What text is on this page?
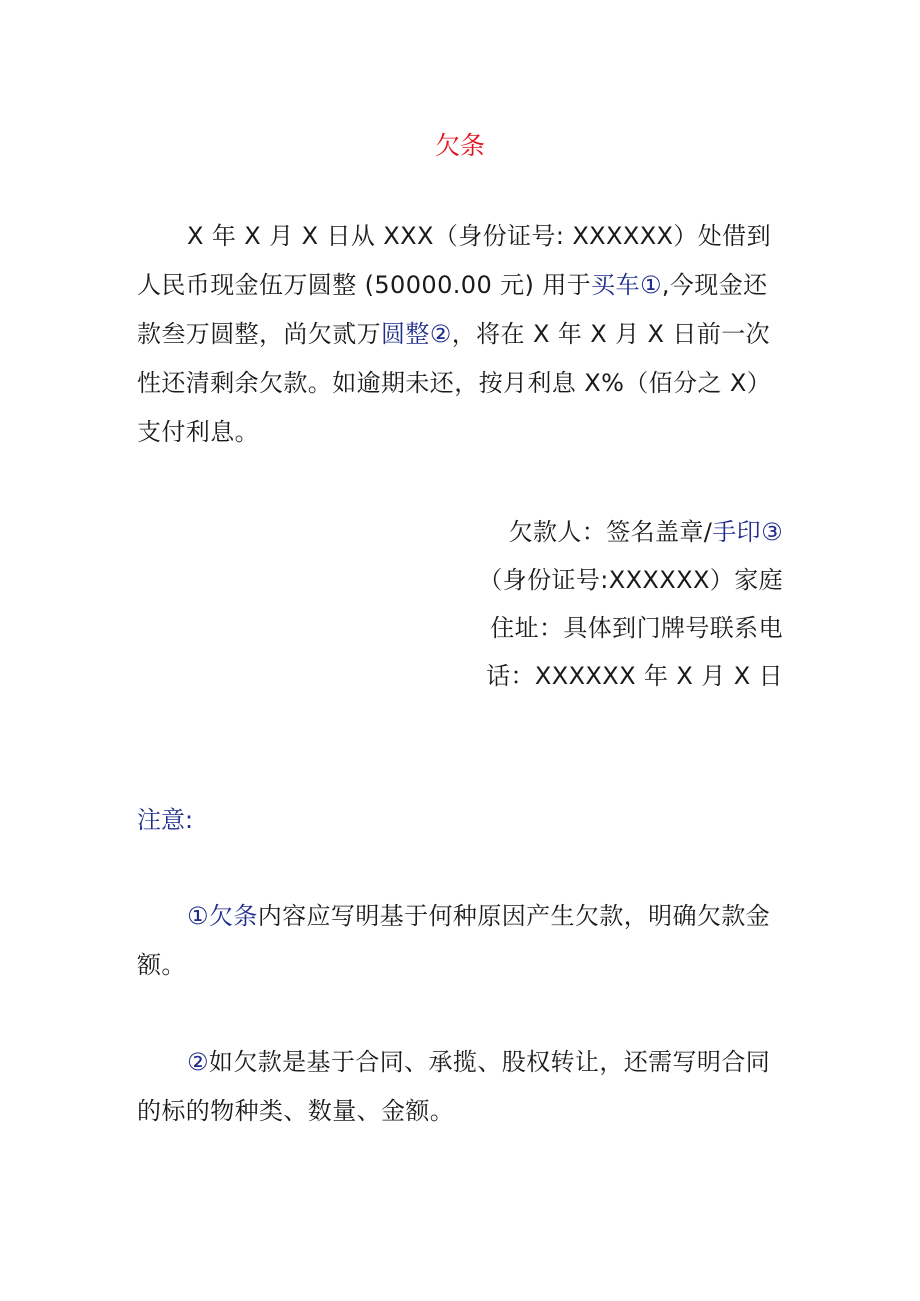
欠条

X 年 X 月 X 日从 XXX（身份证号: XXXXXX）处借到人民币现金伍万圆整 (50000.00 元) 用于买车①,今现金还款叁万圆整，尚欠贰万圆整②，将在 X 年 X 月 X 日前一次性还清剩余欠款。如逾期未还，按月利息 X%（佰分之 X）支付利息。

欠款人：签名盖章/手印③
（身份证号:XXXXXX）家庭
住址：具体到门牌号联系电
话：XXXXXX 年 X 月 X 日
注意:

①欠条内容应写明基于何种原因产生欠款，明确欠款金额。

②如欠款是基于合同、承揽、股权转让，还需写明合同的标的物种类、数量、金额。
